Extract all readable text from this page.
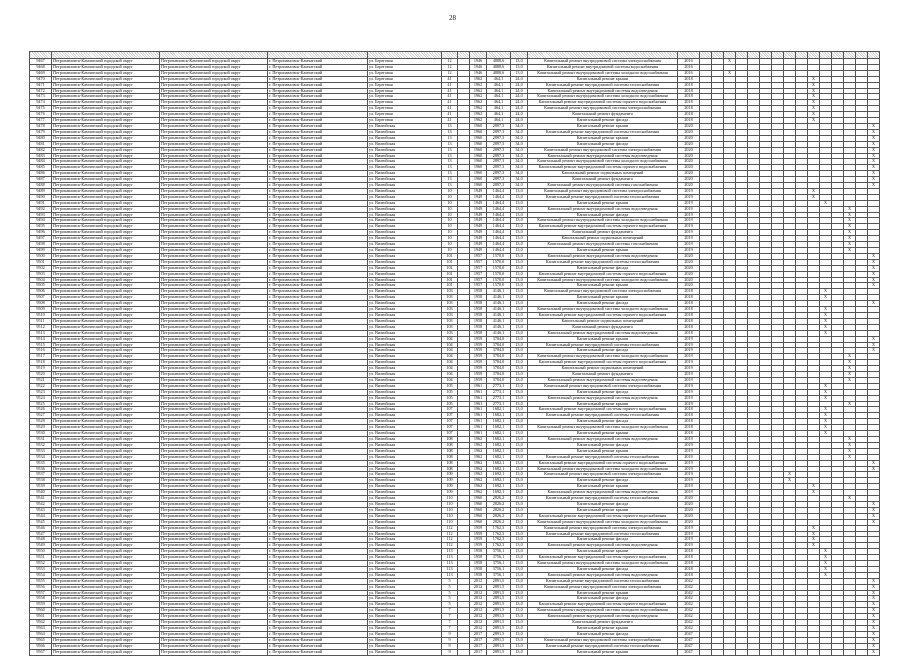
28

9467	Петропавловск-Камчатский городской округ	Петропавловск-Камчатский городской округ	г. Петропавловск-Камчатский	ул. Береговая	12		1946	4888,6	13,0	Капитальный ремонт внутридомовой системы электроснабжения	2016			X												
9468	Петропавловск-Камчатский городской округ	Петропавловск-Камчатский городской округ	г. Петропавловск-Камчатский	ул. Береговая	12		1946	4888,6	13,0	Капитальный ремонт внутридомовой системы водоснабжения	2016															
9469	Петропавловск-Камчатский городской округ	Петропавловск-Камчатский городской округ	г. Петропавловск-Камчатский	ул. Береговая	12		1946	4888,6	13,0	Капитальный ремонт внутридомовой системы холодного водоснабжения	2016			X												
9470	Петропавловск-Камчатский городской округ	Петропавловск-Камчатский городской округ	г. Петропавловск-Камчатский	ул. Береговая	41		1962	464,1	24,0	Капитальный ремонт крыши	2018										X					
9471	Петропавловск-Камчатский городской округ	Петропавловск-Камчатский городской округ	г. Петропавловск-Камчатский	ул. Береговая	41		1962	464,1	24,0	Капитальный ремонт внутридомовой системы теплоснабжения	2018										X					
9472	Петропавловск-Камчатский городской округ	Петропавловск-Камчатский городской округ	г. Петропавловск-Камчатский	ул. Береговая	41		1962	464,1	24,0	Капитальный ремонт внутридомовой системы водоотведения	2018										X					
9473	Петропавловск-Камчатский городской округ	Петропавловск-Камчатский городской округ	г. Петропавловск-Камчатский	ул. Береговая	41		1962	464,1	24,0	Капитальный ремонт внутридомовой системы холодного водоснабжения	2018										X					
9474	Петропавловск-Камчатский городской округ	Петропавловск-Камчатский городской округ	г. Петропавловск-Камчатский	ул. Береговая	41		1962	464,1	24,0	Капитальный ремонт внутридомовой системы горячего водоснабжения	2018										X					
9475	Петропавловск-Камчатский городской округ	Петропавловск-Камчатский городской округ	г. Петропавловск-Камчатский	ул. Береговая	41		1962	464,1	24,0	Капитальный ремонт внутридомовой системы электроснабжения	2018										X					
9476	Петропавловск-Камчатский городской округ	Петропавловск-Камчатский городской округ	г. Петропавловск-Камчатский	ул. Береговая	41		1962	464,1	24,0	Капитальный ремонт фундамента	2018										X					
9477	Петропавловск-Камчатский городской округ	Петропавловск-Камчатский городской округ	г. Петропавловск-Камчатский	ул. Береговая	41		1962	464,1	24,0	Капитальный ремонт фасада	2018										X					
9478	Петропавловск-Камчатский городской округ	Петропавловск-Камчатский городской округ	г. Петропавловск-Камчатский	ул. Вилюйская	13		1960	2897,3	34,0	Капитальный ремонт крыши	2020															X
9479	Петропавловск-Камчатский городской округ	Петропавловск-Камчатский городской округ	г. Петропавловск-Камчатский	ул. Вилюйская	13		1960	2897,3	34,0	Капитальный ремонт внутридомовой системы теплоснабжения	2020															X
9480	Петропавловск-Камчатский городской округ	Петропавловск-Камчатский городской округ	г. Петропавловск-Камчатский	ул. Вилюйская	13		1960	2897,3	34,0	Капитальный ремонт крыши	2020															X
9481	Петропавловск-Камчатский городской округ	Петропавловск-Камчатский городской округ	г. Петропавловск-Камчатский	ул. Вилюйская	13		1960	2897,3	34,0	Капитальный ремонт фасада	2020															X
9482	Петропавловск-Камчатский городской округ	Петропавловск-Камчатский городской округ	г. Петропавловск-Камчатский	ул. Вилюйская	13		1960	2897,3	34,0	Капитальный ремонт внутридомовой системы электроснабжения	2020															X
9483	Петропавловск-Камчатский городской округ	Петропавловск-Камчатский городской округ	г. Петропавловск-Камчатский	ул. Вилюйская	13		1960	2897,3	34,0	Капитальный ремонт внутридомовой системы водоотведения	2020															X
9484	Петропавловск-Камчатский городской округ	Петропавловск-Камчатский городской округ	г. Петропавловск-Камчатский	ул. Вилюйская	13		1960	2897,3	34,0	Капитальный ремонт внутридомовой системы холодного водоснабжения	2020															X
9485	Петропавловск-Камчатский городской округ	Петропавловск-Камчатский городской округ	г. Петропавловск-Камчатский	ул. Вилюйская	13		1960	2897,3	34,0	Капитальный ремонт внутридомовой системы горячего водоснабжения	2020															X
9486	Петропавловск-Камчатский городской округ	Петропавловск-Камчатский городской округ	г. Петропавловск-Камчатский	ул. Вилюйская	13		1960	2897,3	34,0	Капитальный ремонт подвальных помещений	2020															X
9487	Петропавловск-Камчатский городской округ	Петропавловск-Камчатский городской округ	г. Петропавловск-Камчатский	ул. Вилюйская	13		1960	2897,3	34,0	Капитальный ремонт фундамента	2020															X
9488	Петропавловск-Камчатский городской округ	Петропавловск-Камчатский городской округ	г. Петропавловск-Камчатский	ул. Вилюйская	13		1960	2897,3	34,0	Капитальный ремонт внутридомовой системы газоснабжения	2020															X
9489	Петропавловск-Камчатский городской округ	Петропавловск-Камчатский городской округ	г. Петропавловск-Камчатский	ул. Вилюйская	10		1949	1464,4	13,0	Капитальный ремонт внутридомовой системы электроснабжения	2019										X					
9490	Петропавловск-Камчатский городской округ	Петропавловск-Камчатский городской округ	г. Петропавловск-Камчатский	ул. Вилюйская	10		1949	1464,4	13,0	Капитальный ремонт внутридомовой системы теплоснабжения	2019										X					
9491	Петропавловск-Камчатский городской округ	Петропавловск-Камчатский городской округ	г. Петропавловск-Камчатский	ул. Вилюйская	10		1949	1464,4	13,0	Капитальный ремонт крыши	2019											X				
9492	Петропавловск-Камчатский городской округ	Петропавловск-Камчатский городской округ	г. Петропавловск-Камчатский	ул. Вилюйская	10		1949	1464,4	13,0	Капитальный ремонт внутридомовой системы водоотведения	2019													X		
9493	Петропавловск-Камчатский городской округ	Петропавловск-Камчатский городской округ	г. Петропавловск-Камчатский	ул. Вилюйская	10		1949	1464,4	13,0	Капитальный ремонт фасада	2019													X		
9494	Петропавловск-Камчатский городской округ	Петропавловск-Камчатский городской округ	г. Петропавловск-Камчатский	ул. Вилюйская	10		1949	1464,4	13,0	Капитальный ремонт внутридомовой системы холодного водоснабжения	2019													X		
9495	Петропавловск-Камчатский городской округ	Петропавловск-Камчатский городской округ	г. Петропавловск-Камчатский	ул. Вилюйская	10		1949	1464,4	13,0	Капитальный ремонт внутридомовой системы горячего водоснабжения	2019													X		
9496	Петропавловск-Камчатский городской округ	Петропавловск-Камчатский городской округ	г. Петропавловск-Камчатский	ул. Вилюйская	10		1949	1464,4	13,0	Капитальный ремонт фундамента	2019													X		
9497	Петропавловск-Камчатский городской округ	Петропавловск-Камчатский городской округ	г. Петропавловск-Камчатский	ул. Вилюйская	10		1949	1464,4	13,0	Капитальный ремонт подвальных помещений	2019													X		
9498	Петропавловск-Камчатский городской округ	Петропавловск-Камчатский городской округ	г. Петропавловск-Камчатский	ул. Вилюйская	10		1949	1464,4	13,0	Капитальный ремонт внутридомовой системы газоснабжения	2019													X		
9499	Петропавловск-Камчатский городской округ	Петропавловск-Камчатский городской округ	г. Петропавловск-Камчатский	ул. Вилюйская	10		1949	1464,4	13,0	Капитальный ремонт крыши	2019													X		
9500	Петропавловск-Камчатский городской округ	Петропавловск-Камчатский городской округ	г. Петропавловск-Камчатский	ул. Вилюйская	101		1957	1570,0	13,0	Капитальный ремонт внутридомовой системы водоотведения	2020															X
9501	Петропавловск-Камчатский городской округ	Петропавловск-Камчатский городской округ	г. Петропавловск-Камчатский	ул. Вилюйская	101		1957	1570,0	13,0	Капитальный ремонт внутридомовой системы теплоснабжения	2020															X
9502	Петропавловск-Камчатский городской округ	Петропавловск-Камчатский городской округ	г. Петропавловск-Камчатский	ул. Вилюйская	101		1957	1570,0	13,0	Капитальный ремонт фасада	2020															X
9503	Петропавловск-Камчатский городской округ	Петропавловск-Камчатский городской округ	г. Петропавловск-Камчатский	ул. Вилюйская	101		1957	1570,0	13,0	Капитальный ремонт внутридомовой системы горячего водоснабжения	2020															X
9504	Петропавловск-Камчатский городской округ	Петропавловск-Камчатский городской округ	г. Петропавловск-Камчатский	ул. Вилюйская	101		1957	1570,0	13,0	Капитальный ремонт внутридомовой системы холодного водоснабжения	2020															X
9505	Петропавловск-Камчатский городской округ	Петропавловск-Камчатский городской округ	г. Петропавловск-Камчатский	ул. Вилюйская	101		1957	1570,0	13,0	Капитальный ремонт крыши	2020															X
9506	Петропавловск-Камчатский городской округ	Петропавловск-Камчатский городской округ	г. Петропавловск-Камчатский	ул. Вилюйская	103		1958	4146,1	13,0	Капитальный ремонт внутридомовой системы электроснабжения	2018											X				
9507	Петропавловск-Камчатский городской округ	Петропавловск-Камчатский городской округ	г. Петропавловск-Камчатский	ул. Вилюйская	103		1958	4146,1	13,0	Капитальный ремонт крыши	2018											X				
9508	Петропавловск-Камчатский городской округ	Петропавловск-Камчатский городской округ	г. Петропавловск-Камчатский	ул. Вилюйская	103		1958	4146,1	13,0	Капитальный ремонт фасада	2018															X
9509	Петропавловск-Камчатский городской округ	Петропавловск-Камчатский городской округ	г. Петропавловск-Камчатский	ул. Вилюйская	103		1958	4146,1	13,0	Капитальный ремонт внутридомовой системы холодного водоснабжения	2018											X				
9510	Петропавловск-Камчатский городской округ	Петропавловск-Камчатский городской округ	г. Петропавловск-Камчатский	ул. Вилюйская	103		1958	4146,1	13,0	Капитальный ремонт внутридомовой системы горячего водоснабжения	2018											X				
9511	Петропавловск-Камчатский городской округ	Петропавловск-Камчатский городской округ	г. Петропавловск-Камчатский	ул. Вилюйская	103		1958	4146,1	13,0	Капитальный ремонт подвальных помещений	2018											X				
9512	Петропавловск-Камчатский городской округ	Петропавловск-Камчатский городской округ	г. Петропавловск-Камчатский	ул. Вилюйская	103		1958	4146,1	13,0	Капитальный ремонт фундамента	2018											X				
9513	Петропавловск-Камчатский городской округ	Петропавловск-Камчатский городской округ	г. Петропавловск-Камчатский	ул. Вилюйская	103		1958	4146,1	13,0	Капитальный ремонт внутридомовой системы водоотведения	2018											X				
9514	Петропавловск-Камчатский городской округ	Петропавловск-Камчатский городской округ	г. Петропавловск-Камчатский	ул. Вилюйская	104		1959	3784,0	13,0	Капитальный ремонт крыши	2019															X
9515	Петропавловск-Камчатский городской округ	Петропавловск-Камчатский городской округ	г. Петропавловск-Камчатский	ул. Вилюйская	104		1959	3784,0	13,0	Капитальный ремонт внутридомовой системы теплоснабжения	2019															X
9516	Петропавловск-Камчатский городской округ	Петропавловск-Камчатский городской округ	г. Петропавловск-Камчатский	ул. Вилюйская	104		1959	3784,0	13,0	Капитальный ремонт фасада	2019															X
9517	Петропавловск-Камчатский городской округ	Петропавловск-Камчатский городской округ	г. Петропавловск-Камчатский	ул. Вилюйская	104		1959	3784,0	13,0	Капитальный ремонт внутридомовой системы холодного водоснабжения	2019													X		
9518	Петропавловск-Камчатский городской округ	Петропавловск-Камчатский городской округ	г. Петропавловск-Камчатский	ул. Вилюйская	104		1959	3784,0	13,0	Капитальный ремонт внутридомовой системы горячего водоснабжения	2019													X		
9519	Петропавловск-Камчатский городской округ	Петропавловск-Камчатский городской округ	г. Петропавловск-Камчатский	ул. Вилюйская	104		1959	3784,0	13,0	Капитальный ремонт подвальных помещений	2019													X		
9520	Петропавловск-Камчатский городской округ	Петропавловск-Камчатский городской округ	г. Петропавловск-Камчатский	ул. Вилюйская	104		1959	3784,0	13,0	Капитальный ремонт фундамента	2019													X		
9521	Петропавловск-Камчатский городской округ	Петропавловск-Камчатский городской округ	г. Петропавловск-Камчатский	ул. Вилюйская	104		1959	3784,0	13,0	Капитальный ремонт внутридомовой системы водоотведения	2019													X		
9522	Петропавловск-Камчатский городской округ	Петропавловск-Камчатский городской округ	г. Петропавловск-Камчатский	ул. Вилюйская	105		1961	2773,1	13,0	Капитальный ремонт внутридомовой системы электроснабжения	2019											X				
9523	Петропавловск-Камчатский городской округ	Петропавловск-Камчатский городской округ	г. Петропавловск-Камчатский	ул. Вилюйская	105		1961	2773,1	13,0	Капитальный ремонт фасада	2019											X				
9524	Петропавловск-Камчатский городской округ	Петропавловск-Камчатский городской округ	г. Петропавловск-Камчатский	ул. Вилюйская	105		1961	2773,1	13,0	Капитальный ремонт внутридомовой системы водоотведения	2019											X				
9525	Петропавловск-Камчатский городской округ	Петропавловск-Камчатский городской округ	г. Петропавловск-Камчатский	ул. Вилюйская	105		1961	2773,1	13,0	Капитальный ремонт крыши	2019													X		
9526	Петропавловск-Камчатский городской округ	Петропавловск-Камчатский городской округ	г. Петропавловск-Камчатский	ул. Вилюйская	107		1961	1682,1	13,0	Капитальный ремонт внутридомовой системы горячего водоснабжения	2018											X				
9527	Петропавловск-Камчатский городской округ	Петропавловск-Камчатский городской округ	г. Петропавловск-Камчатский	ул. Вилюйская	107		1961	1682,1	13,0	Капитальный ремонт внутридомовой системы теплоснабжения	2018											X				
9528	Петропавловск-Камчатский городской округ	Петропавловск-Камчатский городской округ	г. Петропавловск-Камчатский	ул. Вилюйская	107		1961	1682,1	13,0	Капитальный ремонт фасада	2018											X				
9529	Петропавловск-Камчатский городской округ	Петропавловск-Камчатский городской округ	г. Петропавловск-Камчатский	ул. Вилюйская	107		1961	1682,1	13,0	Капитальный ремонт внутридомовой системы холодного водоснабжения	2018											X				
9530	Петропавловск-Камчатский городской округ	Петропавловск-Камчатский городской округ	г. Петропавловск-Камчатский	ул. Вилюйская	107		1961	1682,1	13,0	Капитальный ремонт крыши	2018											X				
9531	Петропавловск-Камчатский городской округ	Петропавловск-Камчатский городской округ	г. Петропавловск-Камчатский	ул. Вилюйская	108		1962	1682,1	13,0	Капитальный ремонт внутридомовой системы водоотведения	2019													X		
9532	Петропавловск-Камчатский городской округ	Петропавловск-Камчатский городской округ	г. Петропавловск-Камчатский	ул. Вилюйская	108		1962	1682,1	13,0	Капитальный ремонт фасада	2019													X		
9533	Петропавловск-Камчатский городской округ	Петропавловск-Камчатский городской округ	г. Петропавловск-Камчатский	ул. Вилюйская	108		1962	1682,1	13,0	Капитальный ремонт крыши	2019													X		
9534	Петропавловск-Камчатский городской округ	Петропавловск-Камчатский городской округ	г. Петропавловск-Камчатский	ул. Вилюйская	108		1962	1682,1	13,0	Капитальный ремонт внутридомовой системы теплоснабжения	2019													X		
9535	Петропавловск-Камчатский городской округ	Петропавловск-Камчатский городской округ	г. Петропавловск-Камчатский	ул. Вилюйская	108		1962	1682,1	13,0	Капитальный ремонт внутридомовой системы горячего водоснабжения	2019															X
9536	Петропавловск-Камчатский городской округ	Петропавловск-Камчатский городской округ	г. Петропавловск-Камчатский	ул. Вилюйская	108		1962	1682,1	13,0	Капитальный ремонт внутридомовой системы холодного водоснабжения	2019															X
9537	Петропавловск-Камчатский городской округ	Петропавловск-Камчатский городской округ	г. Петропавловск-Камчатский	ул. Вилюйская	109		1962	1692,1	13,0	Капитальный ремонт внутридомовой системы электроснабжения	2019								X							
9538	Петропавловск-Камчатский городской округ	Петропавловск-Камчатский городской округ	г. Петропавловск-Камчатский	ул. Вилюйская	109		1962	1692,1	13,0	Капитальный ремонт фасада	2019								X							
9539	Петропавловск-Камчатский городской округ	Петропавловск-Камчатский городской округ	г. Петропавловск-Камчатский	ул. Вилюйская	109		1962	1692,1	13,0	Капитальный ремонт крыши	2019										X					
9540	Петропавловск-Камчатский городской округ	Петропавловск-Камчатский городской округ	г. Петропавловск-Камчатский	ул. Вилюйская	109		1962	1692,1	13,0	Капитальный ремонт внутридомовой системы водоотведения	2019										X					
9541	Петропавловск-Камчатский городской округ	Петропавловск-Камчатский городской округ	г. Петропавловск-Камчатский	ул. Вилюйская	110		1960	2826,2	13,0	Капитальный ремонт внутридомовой системы теплоснабжения	2020													X		
9542	Петропавловск-Камчатский городской округ	Петропавловск-Камчатский городской округ	г. Петропавловск-Камчатский	ул. Вилюйская	110		1960	2826,2	13,0	Капитальный ремонт фасада	2020															X
9543	Петропавловск-Камчатский городской округ	Петропавловск-Камчатский городской округ	г. Петропавловск-Камчатский	ул. Вилюйская	110		1960	2826,2	13,0	Капитальный ремонт крыши	2020															X
9544	Петропавловск-Камчатский городской округ	Петропавловск-Камчатский городской округ	г. Петропавловск-Камчатский	ул. Вилюйская	110		1960	2826,2	13,0	Капитальный ремонт внутридомовой системы горячего водоснабжения	2020															X
9545	Петропавловск-Камчатский городской округ	Петропавловск-Камчатский городской округ	г. Петропавловск-Камчатский	ул. Вилюйская	110		1960	2826,2	13,0	Капитальный ремонт внутридомовой системы холодного водоснабжения	2020															X
9546	Петропавловск-Камчатский городской округ	Петропавловск-Камчатский городской округ	г. Петропавловск-Камчатский	ул. Вилюйская	112		1959	1762,3	13,0	Капитальный ремонт внутридомовой системы электроснабжения	2019										X					
9547	Петропавловск-Камчатский городской округ	Петропавловск-Камчатский городской округ	г. Петропавловск-Камчатский	ул. Вилюйская	112		1959	1762,3	13,0	Капитальный ремонт внутридомовой системы теплоснабжения	2019										X					
9548	Петропавловск-Камчатский городской округ	Петропавловск-Камчатский городской округ	г. Петропавловск-Камчатский	ул. Вилюйская	112		1959	1762,3	13,0	Капитальный ремонт фасада	2019										X					
9549	Петропавловск-Камчатский городской округ	Петропавловск-Камчатский городской округ	г. Петропавловск-Камчатский	ул. Вилюйская	112		1959	1762,3	13,0	Капитальный ремонт внутридомовой системы водоотведения	2019										X					
9550	Петропавловск-Камчатский городской округ	Петропавловск-Камчатский городской округ	г. Петропавловск-Камчатский	ул. Вилюйская	113		1958	3756,1	13,0	Капитальный ремонт крыши	2018											X				
9551	Петропавловск-Камчатский городской округ	Петропавловск-Камчатский городской округ	г. Петропавловск-Камчатский	ул. Вилюйская	113		1958	3756,1	13,0	Капитальный ремонт внутридомовой системы горячего водоснабжения	2018											X				
9552	Петропавловск-Камчатский городской округ	Петропавловск-Камчатский городской округ	г. Петропавловск-Камчатский	ул. Вилюйская	113		1958	3756,1	13,0	Капитальный ремонт внутридомовой системы холодного водоснабжения	2018											X				
9553	Петропавловск-Камчатский городской округ	Петропавловск-Камчатский городской округ	г. Петропавловск-Камчатский	ул. Вилюйская	113		1958	3756,1	13,0	Капитальный ремонт фасада	2018											X				
9554	Петропавловск-Камчатский городской округ	Петропавловск-Камчатский городской округ	г. Петропавловск-Камчатский	ул. Вилюйская	113		1958	3756,1	13,0	Капитальный ремонт внутридомовой системы водоотведения	2018											X				
9555	Петропавловск-Камчатский городской округ	Петропавловск-Камчатский городской округ	г. Петропавловск-Камчатский	ул. Вилюйская	5		2012	2891,5	13,0	Капитальный ремонт внутридомовой системы теплоснабжения	2042															X
9556	Петропавловск-Камчатский городской округ	Петропавловск-Камчатский городской округ	г. Петропавловск-Камчатский	ул. Вилюйская	5		2012	2891,5	13,0	Капитальный ремонт внутридомовой системы электроснабжения	2042															X
9557	Петропавловск-Камчатский городской округ	Петропавловск-Камчатский городской округ	г. Петропавловск-Камчатский	ул. Вилюйская	5		2012	2891,5	13,0	Капитальный ремонт крыши	2042															X
9558	Петропавловск-Камчатский городской округ	Петропавловск-Камчатский городской округ	г. Петропавловск-Камчатский	ул. Вилюйская	5		2012	2891,5	13,0	Капитальный ремонт фасада	2042															X
9559	Петропавловск-Камчатский городской округ	Петропавловск-Камчатский городской округ	г. Петропавловск-Камчатский	ул. Вилюйская	5		2012	2891,5	13,0	Капитальный ремонт внутридомовой системы горячего водоснабжения	2042															X
9560	Петропавловск-Камчатский городской округ	Петропавловск-Камчатский городской округ	г. Петропавловск-Камчатский	ул. Вилюйская	7		2012	2891,5	13,0	Капитальный ремонт внутридомовой системы холодного водоснабжения	2042															X
9561	Петропавловск-Камчатский городской округ	Петропавловск-Камчатский городской округ	г. Петропавловск-Камчатский	ул. Вилюйская	7		2012	2891,5	13,0	Капитальный ремонт внутридомовой системы водоотведения	2042															X
9562	Петропавловск-Камчатский городской округ	Петропавловск-Камчатский городской округ	г. Петропавловск-Камчатский	ул. Вилюйская	7		2012	2891,5	13,0	Капитальный ремонт фундамента	2042															X
9563	Петропавловск-Камчатский городской округ	Петропавловск-Камчатский городской округ	г. Петропавловск-Камчатский	ул. Вилюйская	7		2012	2891,5	13,0	Капитальный ремонт крыши	2042															X
9564	Петропавловск-Камчатский городской округ	Петропавловск-Камчатский городской округ	г. Петропавловск-Камчатский	ул. Вилюйская	9		2017	2891,5	13,0	Капитальный ремонт фасада	2047															X
9565	Петропавловск-Камчатский городской округ	Петропавловск-Камчатский городской округ	г. Петропавловск-Камчатский	ул. Вилюйская	9		2017	2891,5	13,0	Капитальный ремонт внутридомовой системы электроснабжения	2047															X
9566	Петропавловск-Камчатский городской округ	Петропавловск-Камчатский городской округ	г. Петропавловск-Камчатский	ул. Вилюйская	9		2017	2891,5	13,0	Капитальный ремонт внутридомовой системы теплоснабжения	2047															X
9567	Петропавловск-Камчатский городской округ	Петропавловск-Камчатский городской округ	г. Петропавловск-Камчатский	ул. Вилюйская	9		2017	2891,5	13,0	Капитальный ремонт крыши	2047															X
